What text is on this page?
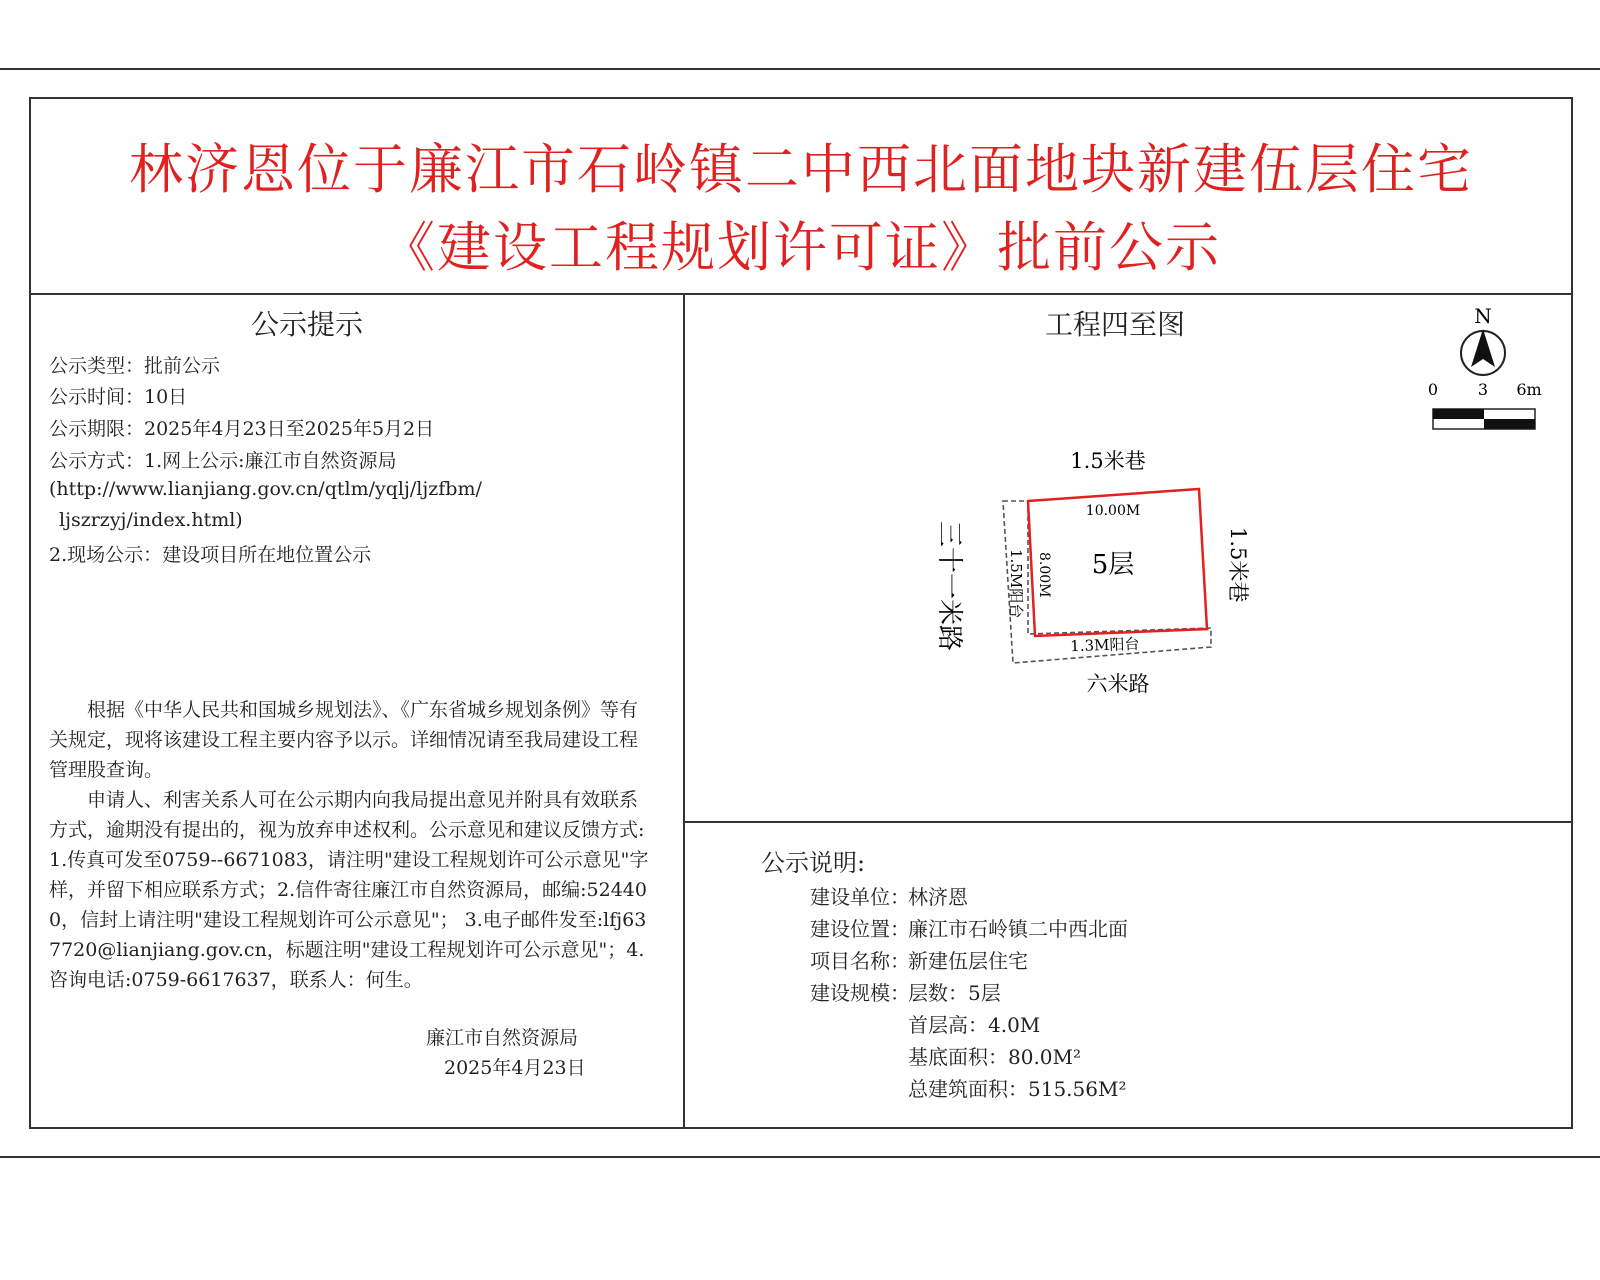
林济恩位于廉江市石岭镇二中西北面地块新建伍层住宅
《建设工程规划许可证》批前公示
公示提示
公示类型：批前公示
公示时间：10日
公示期限：2025年4月23日至2025年5月2日
公示方式：1.网上公示:廉江市自然资源局
(http://www.lianjiang.gov.cn/qtlm/yqlj/ljzfbm/
ljszrzyj/index.html)
2.现场公示：建设项目所在地位置公示
根据《中华人民共和国城乡规划法》、《广东省城乡规划条例》等有关规定，现将该建设工程主要内容予以示。详细情况请至我局建设工程管理股查询。
申请人、利害关系人可在公示期内向我局提出意见并附具有效联系方式，逾期没有提出的，视为放弃申述权利。公示意见和建议反馈方式:1.传真可发至0759--6671083，请注明"建设工程规划许可公示意见"字样，并留下相应联系方式；2.信件寄往廉江市自然资源局，邮编:524400，信封上请注明"建设工程规划许可公示意见"； 3.电子邮件发至:lfj637720@lianjiang.gov.cn，标题注明"建设工程规划许可公示意见"；4.咨询电话:0759-6617637，联系人：何生。
廉江市自然资源局
2025年4月23日
工程四至图	N
0 3 6m
1.5米巷
10.00M
5层
六米路
1.3M阳台
1.5米巷
8.00M
1.5M阳台
三十一米路
公示说明:
建设单位：
林济恩
建设位置：
廉江市石岭镇二中西北面
项目名称：
新建伍层住宅
建设规模：
层数：5层
首层高：4.0M
基底面积：80.0M²
总建筑面积：515.56M²
